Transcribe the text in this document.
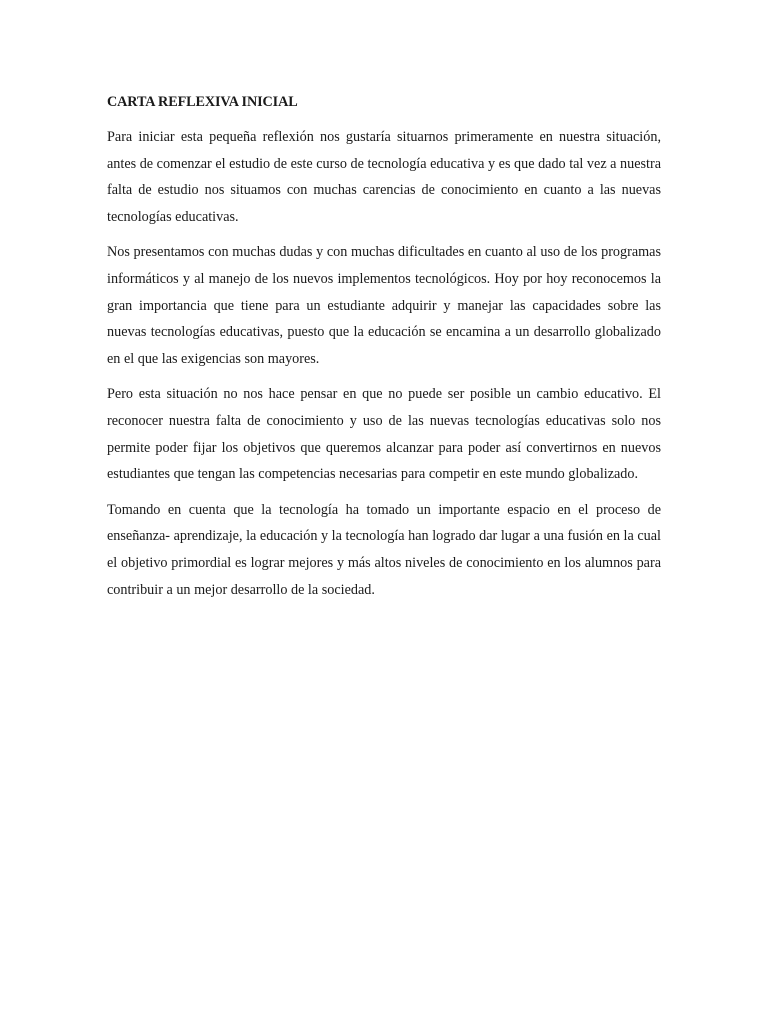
CARTA REFLEXIVA INICIAL

Para iniciar esta pequeña reflexión nos gustaría situarnos primeramente en nuestra situación, antes de comenzar el estudio de este curso de tecnología educativa y es que dado tal vez a nuestra falta de estudio nos situamos con muchas carencias de conocimiento en cuanto a las nuevas tecnologías educativas.

Nos presentamos con muchas dudas y con muchas dificultades en cuanto al uso de los programas informáticos y al manejo de los nuevos implementos tecnológicos. Hoy por hoy reconocemos la gran importancia que tiene para un estudiante adquirir y manejar las capacidades sobre las nuevas tecnologías educativas, puesto que la educación se encamina a un desarrollo globalizado en el que las exigencias son mayores.

Pero esta situación no nos hace pensar en que no puede ser posible un cambio educativo. El reconocer nuestra falta de conocimiento y uso de las nuevas tecnologías educativas solo nos permite poder fijar los objetivos que queremos alcanzar para poder así convertirnos en nuevos estudiantes que tengan las competencias necesarias para competir en este mundo globalizado.

Tomando en cuenta que la tecnología ha tomado un importante espacio en el proceso de enseñanza- aprendizaje, la educación y la tecnología han logrado dar lugar a una fusión en la cual el objetivo primordial es lograr mejores y más altos niveles de conocimiento en los alumnos para contribuir a un mejor desarrollo de la sociedad.
